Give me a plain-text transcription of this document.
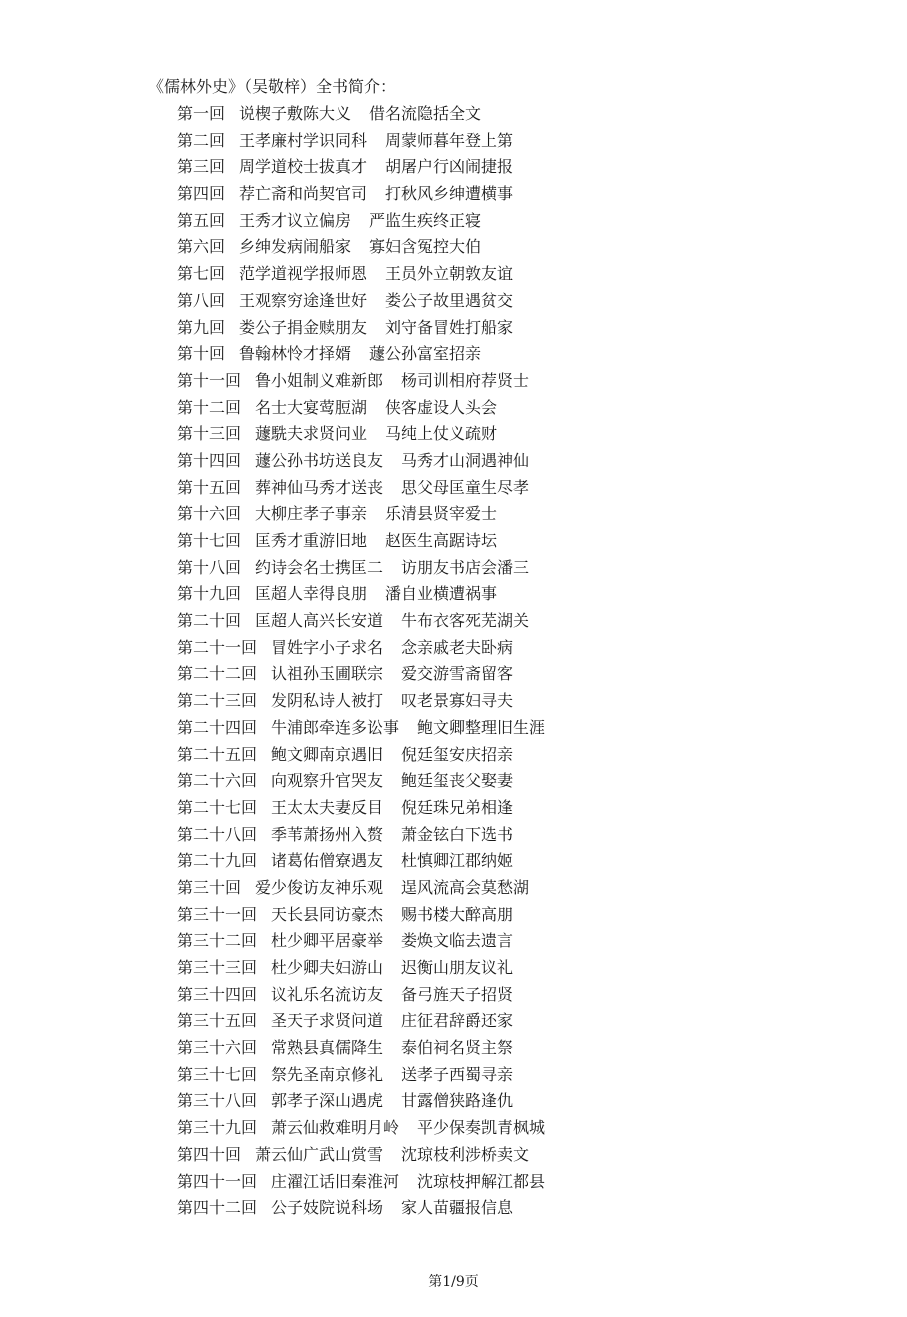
《儒林外史》（吴敬梓）全书简介：
第一回 说楔子敷陈大义 借名流隐括全文
第二回 王孝廉村学识同科 周蒙师暮年登上第
第三回 周学道校士拔真才 胡屠户行凶闹捷报
第四回 荐亡斋和尚契官司 打秋风乡绅遭横事
第五回 王秀才议立偏房 严监生疾终正寝
第六回 乡绅发病闹船家 寡妇含冤控大伯
第七回 范学道视学报师恩 王员外立朝敦友谊
第八回 王观察穷途逢世好 娄公子故里遇贫交
第九回 娄公子捐金赎朋友 刘守备冒姓打船家
第十回 鲁翰林怜才择婿 蘧公孙富室招亲
第十一回 鲁小姐制义难新郎 杨司训相府荐贤士
第十二回 名士大宴莺脰湖 侠客虚设人头会
第十三回 蘧駪夫求贤问业 马纯上仗义疏财
第十四回 蘧公孙书坊送良友 马秀才山洞遇神仙
第十五回 葬神仙马秀才送丧 思父母匡童生尽孝
第十六回 大柳庄孝子事亲 乐清县贤宰爱士
第十七回 匡秀才重游旧地 赵医生高踞诗坛
第十八回 约诗会名士携匡二 访朋友书店会潘三
第十九回 匡超人幸得良朋 潘自业横遭祸事
第二十回 匡超人高兴长安道 牛布衣客死芜湖关
第二十一回 冒姓字小子求名 念亲戚老夫卧病
第二十二回 认祖孙玉圃联宗 爱交游雪斋留客
第二十三回 发阴私诗人被打 叹老景寡妇寻夫
第二十四回 牛浦郎牵连多讼事 鲍文卿整理旧生涯
第二十五回 鲍文卿南京遇旧 倪廷玺安庆招亲
第二十六回 向观察升官哭友 鲍廷玺丧父娶妻
第二十七回 王太太夫妻反目 倪廷珠兄弟相逢
第二十八回 季苇萧扬州入赘 萧金铉白下选书
第二十九回 诸葛佑僧寮遇友 杜慎卿江郡纳姬
第三十回 爱少俊访友神乐观 逞风流高会莫愁湖
第三十一回 天长县同访豪杰 赐书楼大醉高朋
第三十二回 杜少卿平居豪举 娄焕文临去遗言
第三十三回 杜少卿夫妇游山 迟衡山朋友议礼
第三十四回 议礼乐名流访友 备弓旌天子招贤
第三十五回 圣天子求贤问道 庄征君辞爵还家
第三十六回 常熟县真儒降生 泰伯祠名贤主祭
第三十七回 祭先圣南京修礼 送孝子西蜀寻亲
第三十八回 郭孝子深山遇虎 甘露僧狭路逢仇
第三十九回 萧云仙救难明月岭 平少保奏凯青枫城
第四十回 萧云仙广武山赏雪 沈琼枝利涉桥卖文
第四十一回 庄濯江话旧秦淮河 沈琼枝押解江都县
第四十二回 公子妓院说科场 家人苗疆报信息
第1/9页
